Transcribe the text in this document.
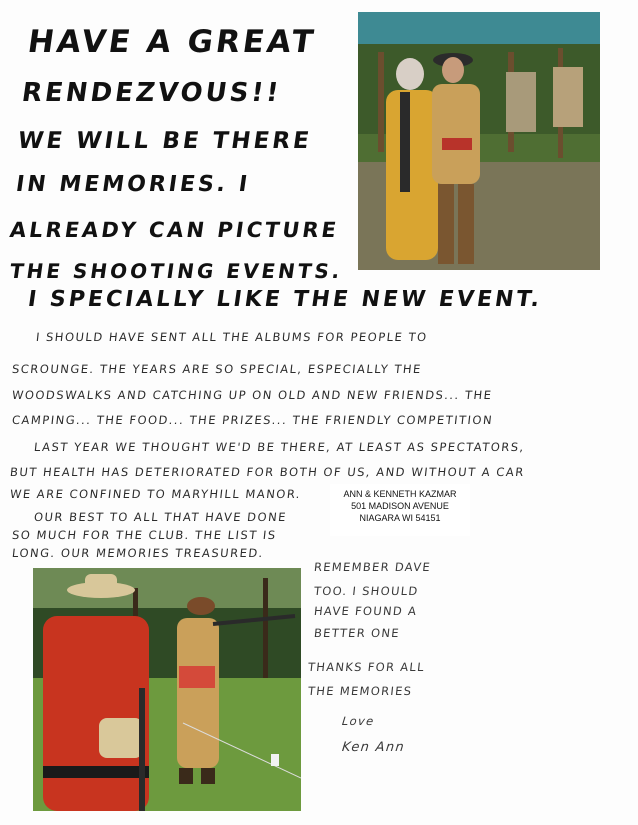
HAVE A GREAT
RENDEZVOUS!!
WE WILL BE THERE
IN MEMORIES. I
ALREADY CAN PICTURE
THE SHOOTING EVENTS.
I SPECIALLY LIKE THE NEW EVENT.
I SHOULD HAVE SENT ALL THE ALBUMS FOR PEOPLE TO
SCROUNGE. THE YEARS ARE SO SPECIAL, ESPECIALLY THE
WOODSWALKS AND CATCHING UP ON OLD AND NEW FRIENDS... THE
CAMPING... THE FOOD... THE PRIZES... THE FRIENDLY COMPETITION
LAST YEAR WE THOUGHT WE'D BE THERE, AT LEAST AS SPECTATORS,
BUT HEALTH HAS DETERIORATED FOR BOTH OF US, AND WITHOUT A CAR
WE ARE CONFINED TO MARYHILL MANOR.
OUR BEST TO ALL THAT HAVE DONE
SO MUCH FOR THE CLUB. THE LIST IS
LONG. OUR MEMORIES TREASURED.
ANN & KENNETH KAZMAR
501 MADISON AVENUE
NIAGARA WI 54151
REMEMBER DAVE
TOO. I SHOULD
HAVE FOUND A
BETTER ONE
THANKS FOR ALL
THE MEMORIES
Love
Ken Ann
